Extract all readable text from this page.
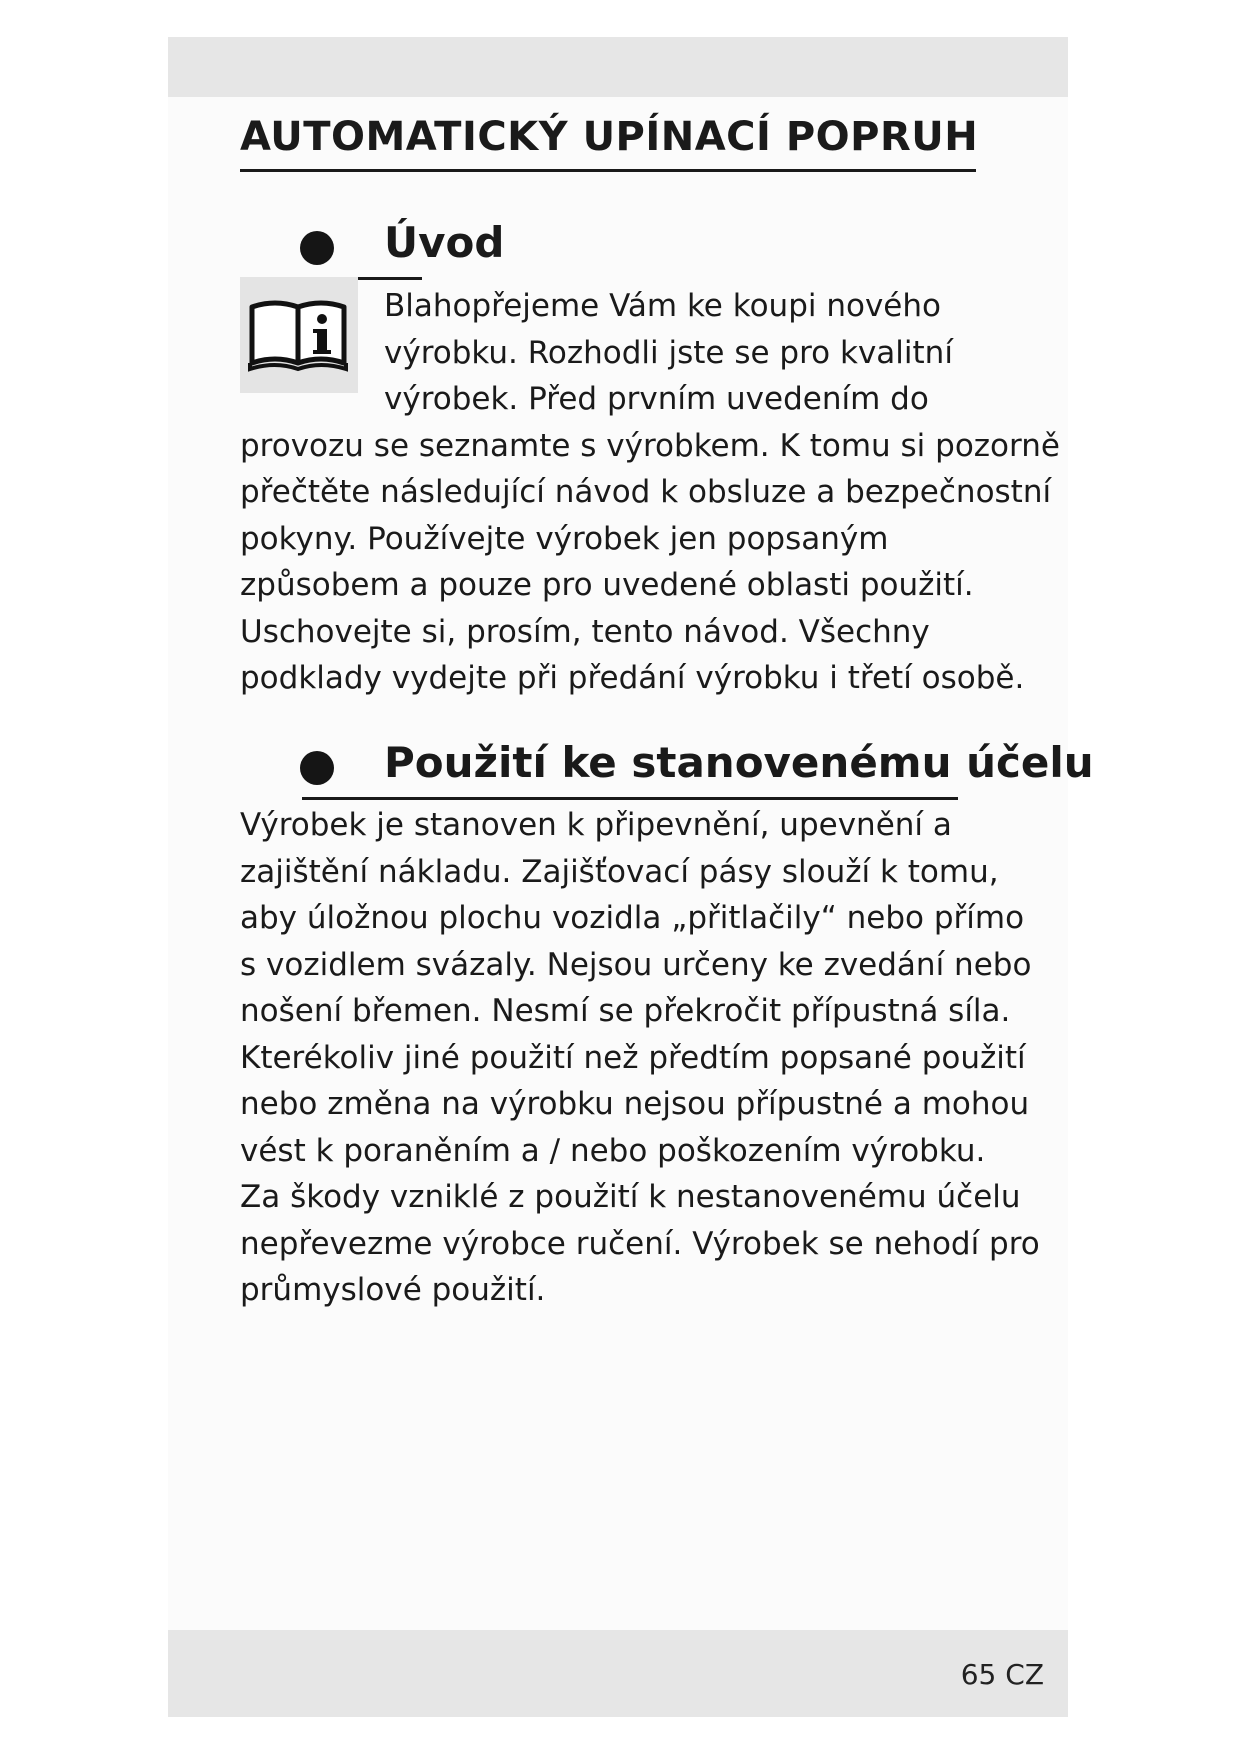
AUTOMATICKÝ UPÍNACÍ POPRUH
Úvod
Blahopřejeme Vám ke koupi nového
výrobku. Rozhodli jste se pro kvalitní
výrobek. Před prvním uvedením do
provozu se seznamte s výrobkem. K tomu si pozorně
přečtěte následující návod k obsluze a bezpečnostní
pokyny. Používejte výrobek jen popsaným
způsobem a pouze pro uvedené oblasti použití.
Uschovejte si, prosím, tento návod. Všechny
podklady vydejte při předání výrobku i třetí osobě.
Použití ke stanovenému účelu
Výrobek je stanoven k připevnění, upevnění a
zajištění nákladu. Zajišťovací pásy slouží k tomu,
aby úložnou plochu vozidla „přitlačily“ nebo přímo
s vozidlem svázaly. Nejsou určeny ke zvedání nebo
nošení břemen. Nesmí se překročit přípustná síla.
Kterékoliv jiné použití než předtím popsané použití
nebo změna na výrobku nejsou přípustné a mohou
vést k poraněním a / nebo poškozením výrobku.
Za škody vzniklé z použití k nestanovenému účelu
nepřevezme výrobce ručení. Výrobek se nehodí pro
průmyslové použití.
65 CZ
